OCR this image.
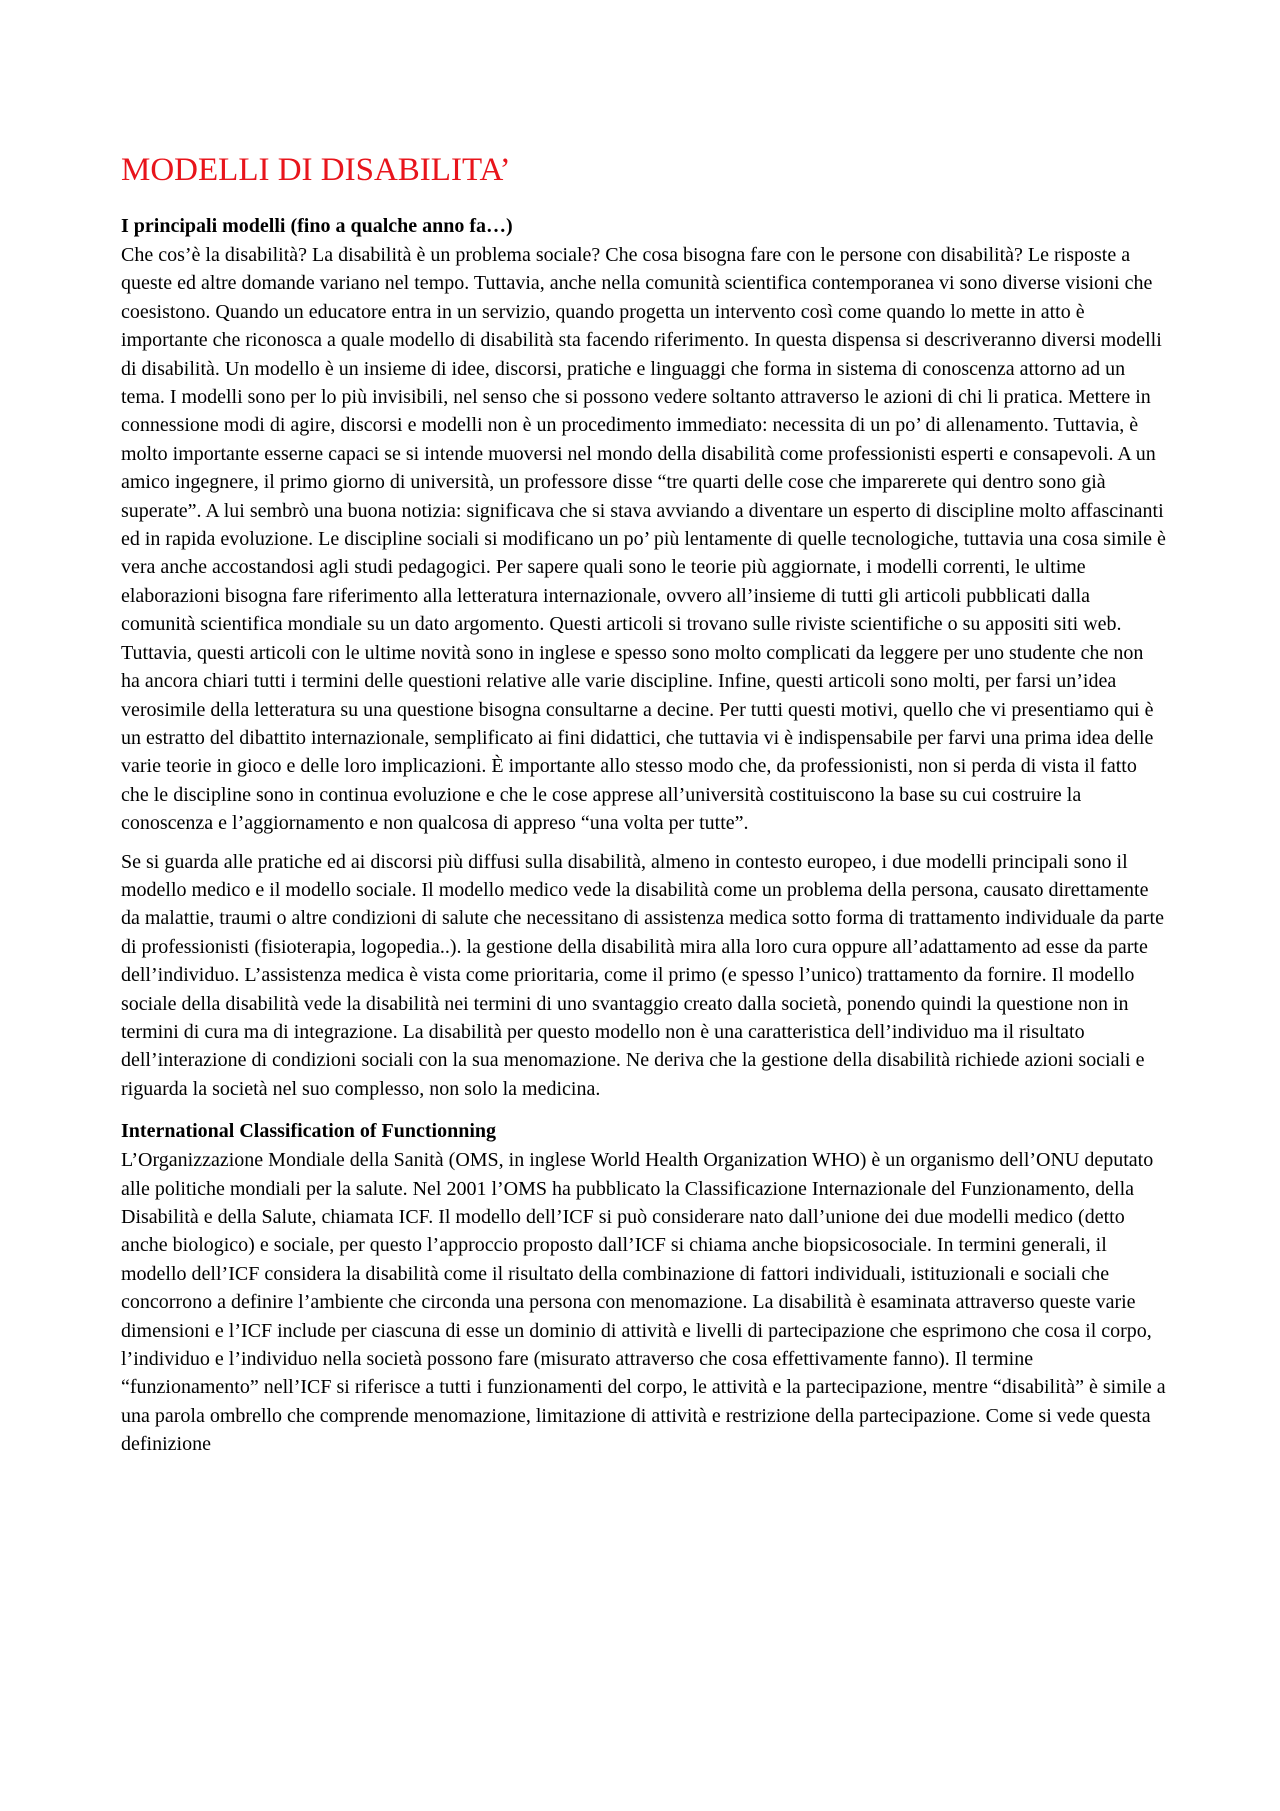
MODELLI DI DISABILITA’

I principali modelli (fino a qualche anno fa…)

Che cos’è la disabilità? La disabilità è un problema sociale? Che cosa bisogna fare con le persone con disabilità? Le risposte a queste ed altre domande variano nel tempo. Tuttavia, anche nella comunità scientifica contemporanea vi sono diverse visioni che coesistono. Quando un educatore entra in un servizio, quando progetta un intervento così come quando lo mette in atto è importante che riconosca a quale modello di disabilità sta facendo riferimento. In questa dispensa si descriveranno diversi modelli di disabilità. Un modello è un insieme di idee, discorsi, pratiche e linguaggi che forma in sistema di conoscenza attorno ad un tema. I modelli sono per lo più invisibili, nel senso che si possono vedere soltanto attraverso le azioni di chi li pratica. Mettere in connessione modi di agire, discorsi e modelli non è un procedimento immediato: necessita di un po’ di allenamento. Tuttavia, è molto importante esserne capaci se si intende muoversi nel mondo della disabilità come professionisti esperti e consapevoli. A un amico ingegnere, il primo giorno di università, un professore disse “tre quarti delle cose che imparerete qui dentro sono già superate”. A lui sembrò una buona notizia: significava che si stava avviando a diventare un esperto di discipline molto affascinanti ed in rapida evoluzione. Le discipline sociali si modificano un po’ più lentamente di quelle tecnologiche, tuttavia una cosa simile è vera anche accostandosi agli studi pedagogici. Per sapere quali sono le teorie più aggiornate, i modelli correnti, le ultime elaborazioni bisogna fare riferimento alla letteratura internazionale, ovvero all’insieme di tutti gli articoli pubblicati dalla comunità scientifica mondiale su un dato argomento. Questi articoli si trovano sulle riviste scientifiche o su appositi siti web. Tuttavia, questi articoli con le ultime novità sono in inglese e spesso sono molto complicati da leggere per uno studente che non ha ancora chiari tutti i termini delle questioni relative alle varie discipline. Infine, questi articoli sono molti, per farsi un’idea verosimile della letteratura su una questione bisogna consultarne a decine. Per tutti questi motivi, quello che vi presentiamo qui è un estratto del dibattito internazionale, semplificato ai fini didattici, che tuttavia vi è indispensabile per farvi una prima idea delle varie teorie in gioco e delle loro implicazioni. È importante allo stesso modo che, da professionisti, non si perda di vista il fatto che le discipline sono in continua evoluzione e che le cose apprese all’università costituiscono la base su cui costruire la conoscenza e l’aggiornamento e non qualcosa di appreso “una volta per tutte”.

Se si guarda alle pratiche ed ai discorsi più diffusi sulla disabilità, almeno in contesto europeo, i due modelli principali sono il modello medico e il modello sociale. Il modello medico vede la disabilità come un problema della persona, causato direttamente da malattie, traumi o altre condizioni di salute che necessitano di assistenza medica sotto forma di trattamento individuale da parte di professionisti (fisioterapia, logopedia..). la gestione della disabilità mira alla loro cura oppure all’adattamento ad esse da parte dell’individuo. L’assistenza medica è vista come prioritaria, come il primo (e spesso l’unico) trattamento da fornire. Il modello sociale della disabilità vede la disabilità nei termini di uno svantaggio creato dalla società, ponendo quindi la questione non in termini di cura ma di integrazione. La disabilità per questo modello non è una caratteristica dell’individuo ma il risultato dell’interazione di condizioni sociali con la sua menomazione. Ne deriva che la gestione della disabilità richiede azioni sociali e riguarda la società nel suo complesso, non solo la medicina.

International Classification of Functionning

L’Organizzazione Mondiale della Sanità (OMS, in inglese World Health Organization WHO) è un organismo dell’ONU deputato alle politiche mondiali per la salute. Nel 2001 l’OMS ha pubblicato la Classificazione Internazionale del Funzionamento, della Disabilità e della Salute, chiamata ICF. Il modello dell’ICF si può considerare nato dall’unione dei due modelli medico (detto anche biologico) e sociale, per questo l’approccio proposto dall’ICF si chiama anche biopsicosociale. In termini generali, il modello dell’ICF considera la disabilità come il risultato della combinazione di fattori individuali, istituzionali e sociali che concorrono a definire l’ambiente che circonda una persona con menomazione. La disabilità è esaminata attraverso queste varie dimensioni e l’ICF include per ciascuna di esse un dominio di attività e livelli di partecipazione che esprimono che cosa il corpo, l’individuo e l’individuo nella società possono fare (misurato attraverso che cosa effettivamente fanno). Il termine “funzionamento” nell’ICF si riferisce a tutti i funzionamenti del corpo, le attività e la partecipazione, mentre “disabilità” è simile a una parola ombrello che comprende menomazione, limitazione di attività e restrizione della partecipazione. Come si vede questa definizione
